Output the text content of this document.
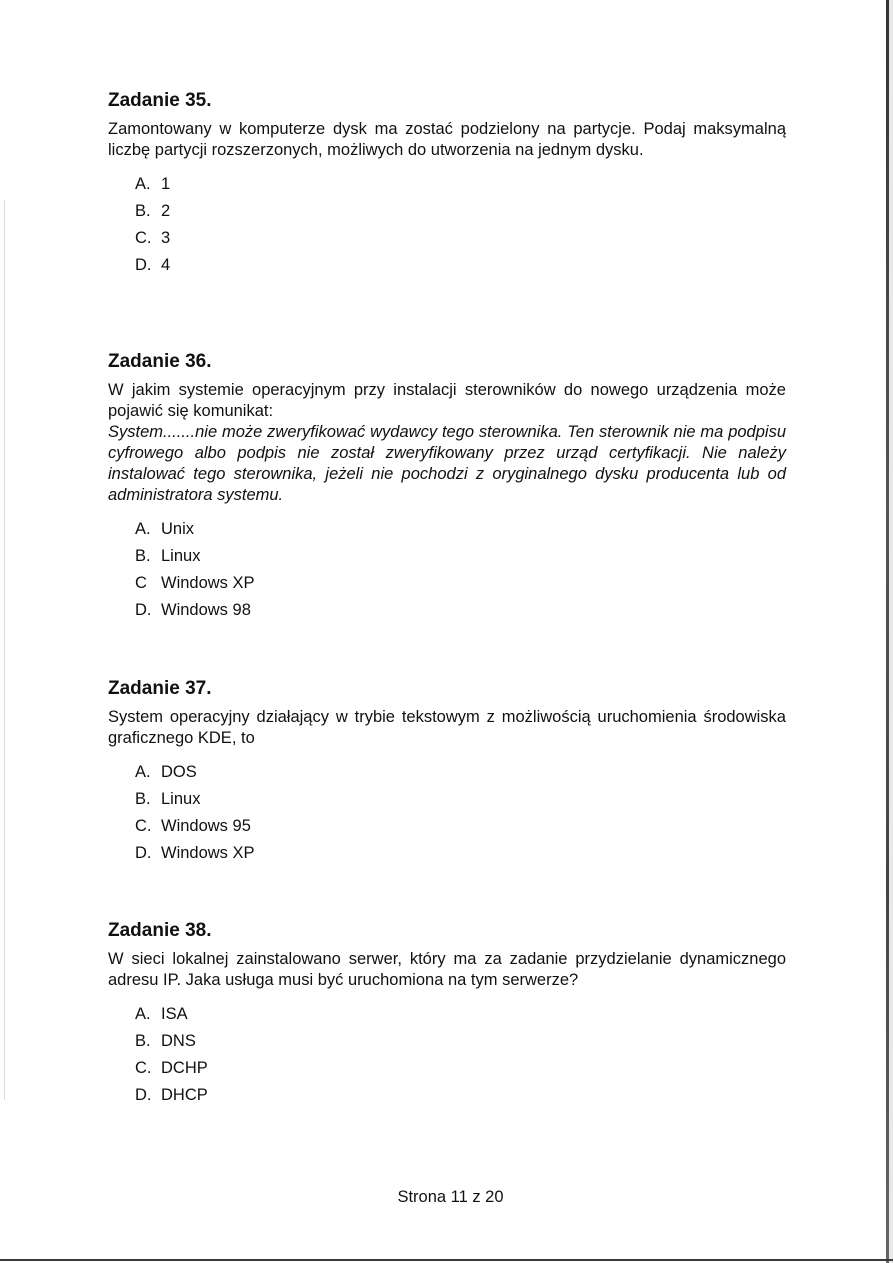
Zadanie 35.

Zamontowany w komputerze dysk ma zostać podzielony na partycje. Podaj maksymalną liczbę partycji rozszerzonych, możliwych do utworzenia na jednym dysku.

A. 1
B. 2
C. 3
D. 4
Zadanie 36.

W jakim systemie operacyjnym przy instalacji sterowników do nowego urządzenia może pojawić się komunikat:

System.......nie może zweryfikować wydawcy tego sterownika. Ten sterownik nie ma podpisu cyfrowego albo podpis nie został zweryfikowany przez urząd certyfikacji. Nie należy instalować tego sterownika, jeżeli nie pochodzi z oryginalnego dysku producenta lub od administratora systemu.

A. Unix
B. Linux
C Windows XP
D. Windows 98
Zadanie 37.

System operacyjny działający w trybie tekstowym z możliwością uruchomienia środowiska graficznego KDE, to

A. DOS
B. Linux
C. Windows 95
D. Windows XP
Zadanie 38.

W sieci lokalnej zainstalowano serwer, który ma za zadanie przydzielanie dynamicznego adresu IP. Jaka usługa musi być uruchomiona na tym serwerze?

A. ISA
B. DNS
C. DCHP
D. DHCP
Strona 11 z 20
